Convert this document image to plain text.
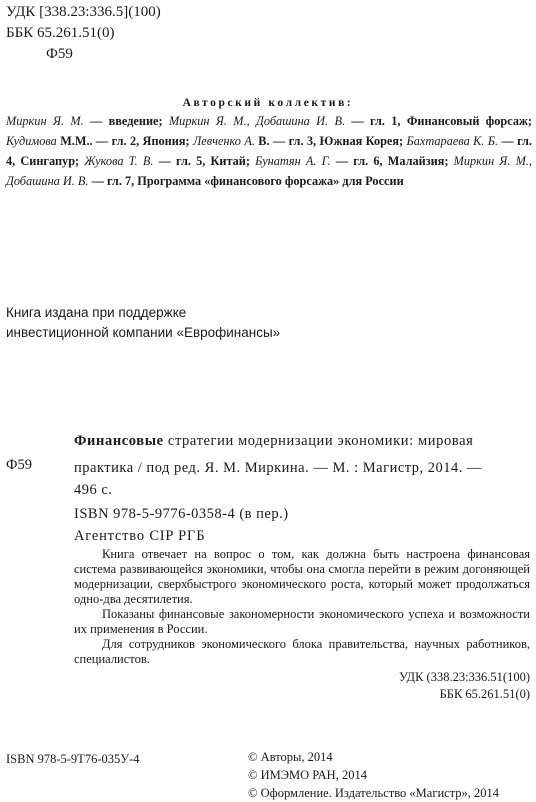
УДК [338.23:336.5](100)
ББК 65.261.51(0)
Ф59
Авторский коллектив:
Миркин Я. М. — введение; Миркин Я. М., Добашина И. В. — гл. 1, Финансовый форсаж; Кудимова М.М.. — гл. 2, Япония; Левченко А. В. — гл. 3, Южная Корея; Бахтараева К. Б. — гл. 4, Сингапур; Жукова Т. В. — гл. 5, Китай; Бунатян А. Г. — гл. 6, Малайзия; Миркин Я. М., Добашина И. В. — гл. 7, Программа «финансового форсажа» для России
Книга издана при поддержке
инвестиционной компании «Еврофинансы»
Финансовые стратегии модернизации экономики: мировая
Ф59	практика / под ред. Я. М. Миркина. — М. : Магистр, 2014. —
496 с.
ISBN 978-5-9776-0358-4 (в пер.)
Агентство CIP РГБ

Книга отвечает на вопрос о том, как должна быть настроена финансовая система развивающейся экономики, чтобы она смогла перейти в режим догоняющей модернизации, сверхбыстрого экономического роста, который может продолжаться одно-два десятилетия.

Показаны финансовые закономерности экономического успеха и возможности их применения в России.

Для сотрудников экономического блока правительства, научных работников, специалистов.

УДК (338.23:336.51(100)
ББК 65.261.51(0)
ISBN 978-5-9T76-035У-4	© Авторы, 2014
© ИМЭМО РАН, 2014
© Оформление. Издательство «Магистр», 2014
